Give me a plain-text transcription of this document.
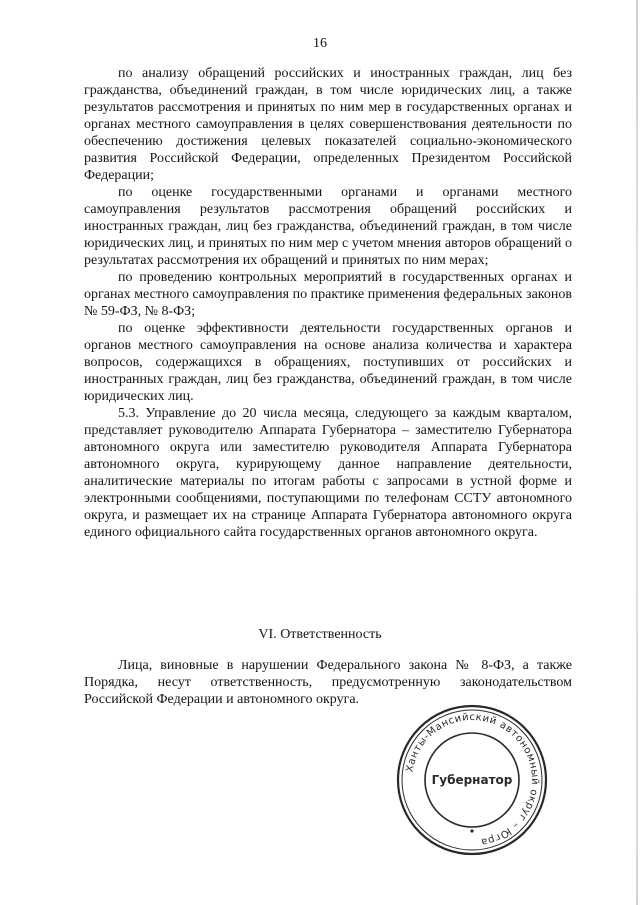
16

по анализу обращений российских и иностранных граждан, лиц без гражданства, объединений граждан, в том числе юридических лиц, а также результатов рассмотрения и принятых по ним мер в государственных органах и органах местного самоуправления в целях совершенствования деятельности по обеспечению достижения целевых показателей социально-экономического развития Российской Федерации, определенных Президентом Российской Федерации;

по оценке государственными органами и органами местного самоуправления результатов рассмотрения обращений российских и иностранных граждан, лиц без гражданства, объединений граждан, в том числе юридических лиц, и принятых по ним мер с учетом мнения авторов обращений о результатах рассмотрения их обращений и принятых по ним мерах;

по проведению контрольных мероприятий в государственных органах и органах местного самоуправления по практике применения федеральных законов № 59-ФЗ, № 8-ФЗ;

по оценке эффективности деятельности государственных органов и органов местного самоуправления на основе анализа количества и характера вопросов, содержащихся в обращениях, поступивших от российских и иностранных граждан, лиц без гражданства, объединений граждан, в том числе юридических лиц.

5.3. Управление до 20 числа месяца, следующего за каждым кварталом, представляет руководителю Аппарата Губернатора – заместителю Губернатора автономного округа или заместителю руководителя Аппарата Губернатора автономного округа, курирующему данное направление деятельности, аналитические материалы по итогам работы с запросами в устной форме и электронными сообщениями, поступающими по телефонам ССТУ автономного округа, и размещает их на странице Аппарата Губернатора автономного округа единого официального сайта государственных органов автономного округа.

VI. Ответственность

Лица, виновные в нарушении Федерального закона № 8-ФЗ, а также Порядка, несут ответственность, предусмотренную законодательством Российской Федерации и автономного округа.

Ханты-Мансийский автономный округ – Югра
Губернатор
